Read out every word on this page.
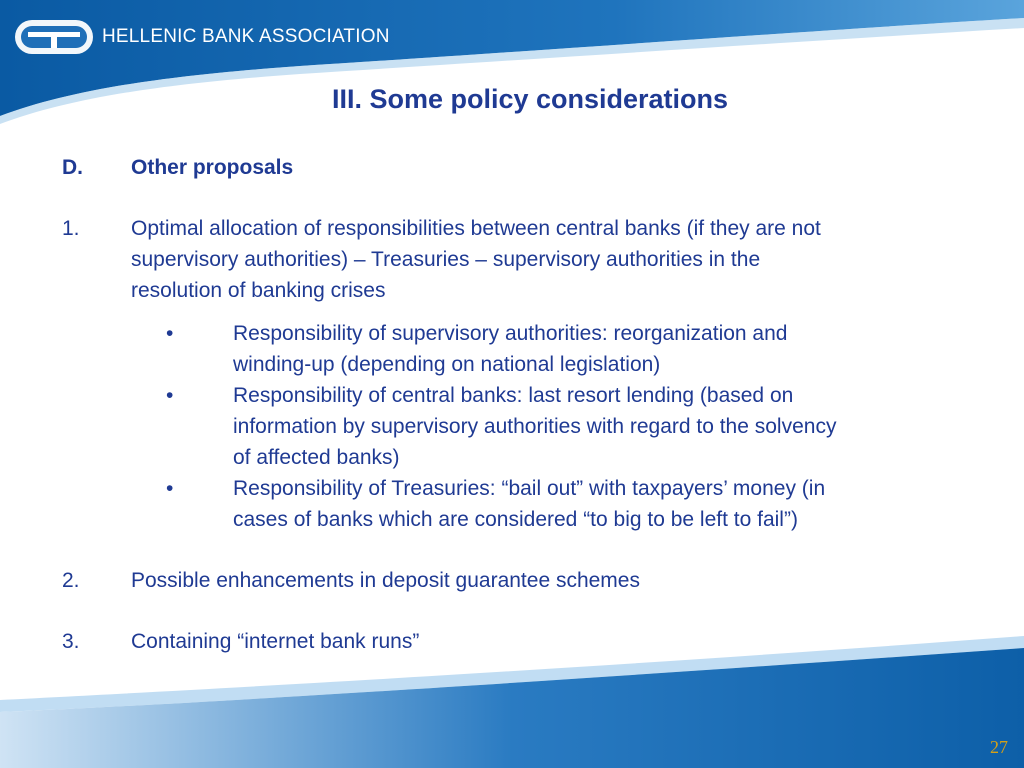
HELLENIC BANK ASSOCIATION
III. Some policy considerations
D. Other proposals
1. Optimal allocation of responsibilities between central banks (if they are not
supervisory authorities) – Treasuries – supervisory authorities in the
resolution of banking crises
•	Responsibility of supervisory authorities: reorganization and
winding-up (depending on national legislation)
•	Responsibility of central banks: last resort lending (based on
information by supervisory authorities with regard to the solvency
of affected banks)
•	Responsibility of Treasuries: “bail out” with taxpayers’ money (in
cases of banks which are considered “to big to be left to fail”)
2. Possible enhancements in deposit guarantee schemes
3. Containing “internet bank runs”
27
